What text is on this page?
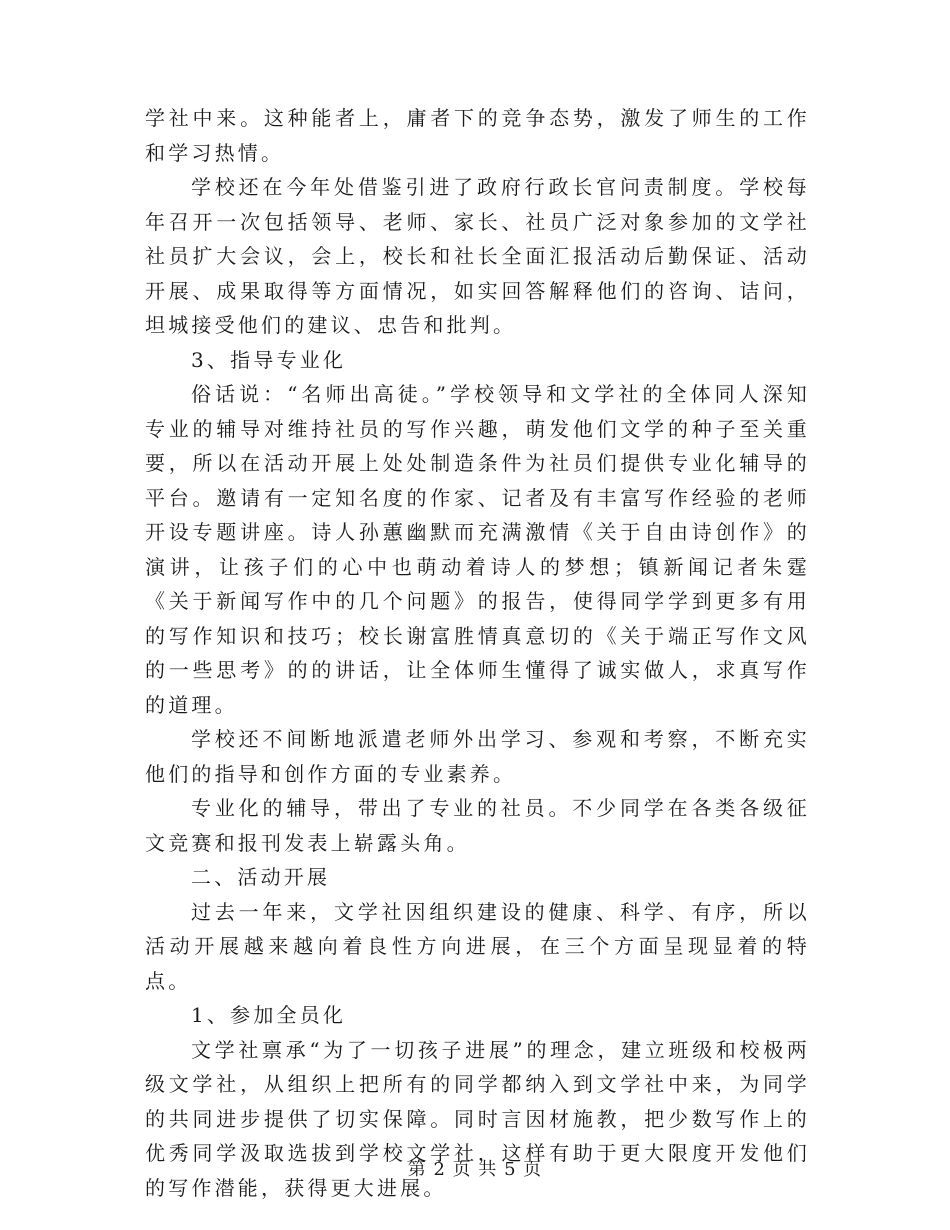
学社中来。这种能者上，庸者下的竞争态势，激发了师生的工作和学习热情。

学校还在今年处借鉴引进了政府行政长官问责制度。学校每年召开一次包括领导、老师、家长、社员广泛对象参加的文学社社员扩大会议，会上，校长和社长全面汇报活动后勤保证、活动开展、成果取得等方面情况，如实回答解释他们的咨询、诘问，坦城接受他们的建议、忠告和批判。

3、指导专业化

俗话说：“名师出高徒。”学校领导和文学社的全体同人深知专业的辅导对维持社员的写作兴趣，萌发他们文学的种子至关重要，所以在活动开展上处处制造条件为社员们提供专业化辅导的平台。邀请有一定知名度的作家、记者及有丰富写作经验的老师开设专题讲座。诗人孙蕙幽默而充满激情《关于自由诗创作》的演讲，让孩子们的心中也萌动着诗人的梦想；镇新闻记者朱霆《关于新闻写作中的几个问题》的报告，使得同学学到更多有用的写作知识和技巧；校长谢富胜情真意切的《关于端正写作文风的一些思考》的的讲话，让全体师生懂得了诚实做人，求真写作的道理。

学校还不间断地派遣老师外出学习、参观和考察，不断充实他们的指导和创作方面的专业素养。

专业化的辅导，带出了专业的社员。不少同学在各类各级征文竞赛和报刊发表上崭露头角。

二、活动开展

过去一年来，文学社因组织建设的健康、科学、有序，所以活动开展越来越向着良性方向进展，在三个方面呈现显着的特点。

1、参加全员化

文学社禀承“为了一切孩子进展”的理念，建立班级和校极两级文学社，从组织上把所有的同学都纳入到文学社中来，为同学的共同进步提供了切实保障。同时言因材施教，把少数写作上的优秀同学汲取选拔到学校文学社，这样有助于更大限度开发他们的写作潜能，获得更大进展。

第 2 页 共 5 页
